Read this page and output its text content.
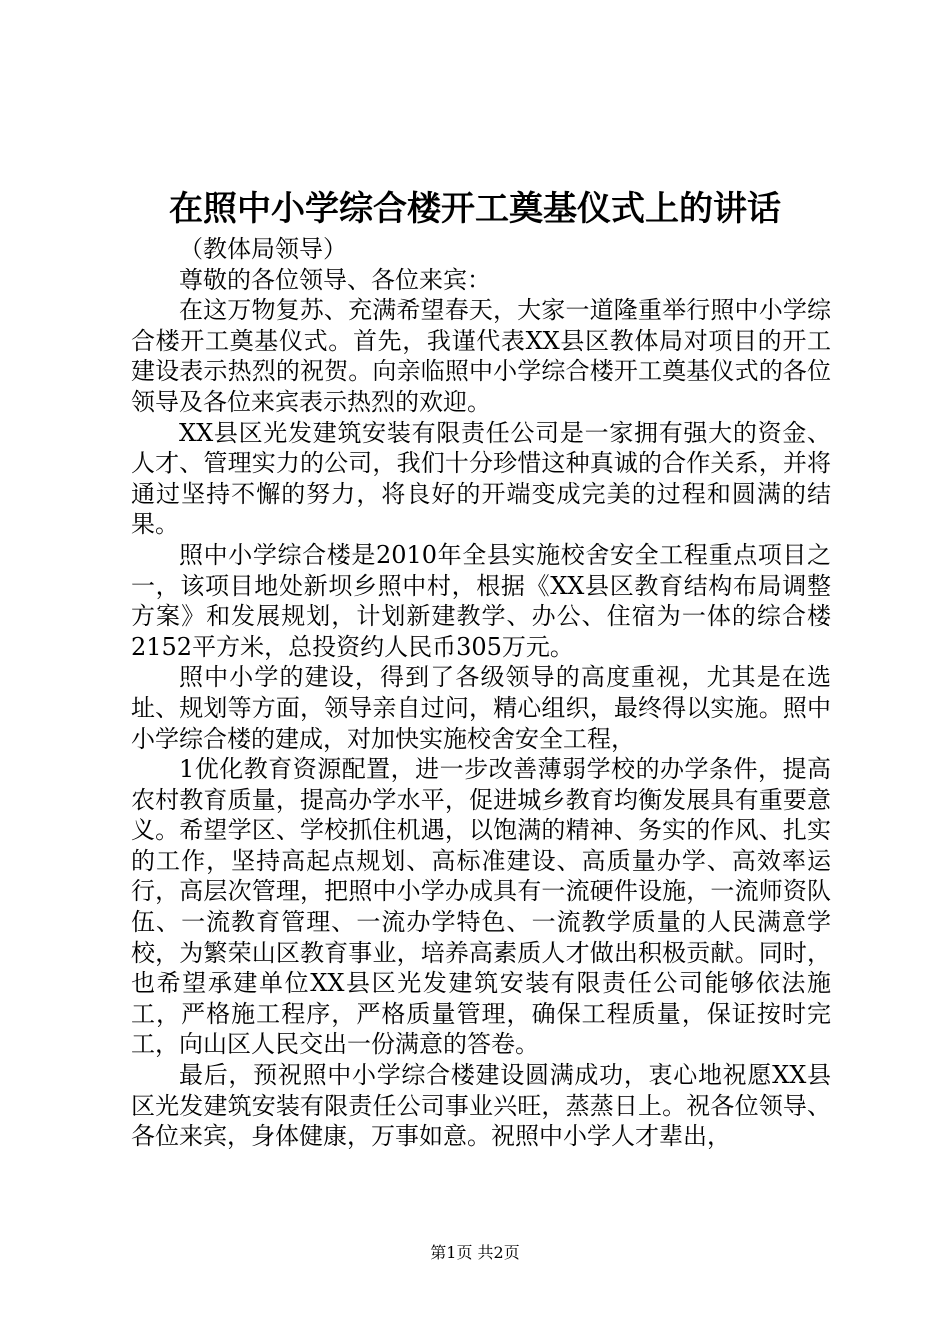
在照中小学综合楼开工奠基仪式上的讲话

（教体局领导）

尊敬的各位领导、各位来宾：

在这万物复苏、充满希望春天，大家一道隆重举行照中小学综合楼开工奠基仪式。首先，我谨代表XX县区教体局对项目的开工建设表示热烈的祝贺。向亲临照中小学综合楼开工奠基仪式的各位领导及各位来宾表示热烈的欢迎。

XX县区光发建筑安装有限责任公司是一家拥有强大的资金、人才、管理实力的公司，我们十分珍惜这种真诚的合作关系，并将通过坚持不懈的努力，将良好的开端变成完美的过程和圆满的结果。

照中小学综合楼是2010年全县实施校舍安全工程重点项目之一，该项目地处新坝乡照中村，根据《XX县区教育结构布局调整方案》和发展规划，计划新建教学、办公、住宿为一体的综合楼2152平方米，总投资约人民币305万元。

照中小学的建设，得到了各级领导的高度重视，尤其是在选址、规划等方面，领导亲自过问，精心组织，最终得以实施。照中小学综合楼的建成，对加快实施校舍安全工程，

1优化教育资源配置，进一步改善薄弱学校的办学条件，提高农村教育质量，提高办学水平，促进城乡教育均衡发展具有重要意义。希望学区、学校抓住机遇，以饱满的精神、务实的作风、扎实的工作，坚持高起点规划、高标准建设、高质量办学、高效率运行，高层次管理，把照中小学办成具有一流硬件设施，一流师资队伍、一流教育管理、一流办学特色、一流教学质量的人民满意学校，为繁荣山区教育事业，培养高素质人才做出积极贡献。同时，也希望承建单位XX县区光发建筑安装有限责任公司能够依法施工，严格施工程序，严格质量管理，确保工程质量，保证按时完工，向山区人民交出一份满意的答卷。

最后，预祝照中小学综合楼建设圆满成功，衷心地祝愿XX县区光发建筑安装有限责任公司事业兴旺，蒸蒸日上。祝各位领导、各位来宾，身体健康，万事如意。祝照中小学人才辈出，

第1页 共2页
